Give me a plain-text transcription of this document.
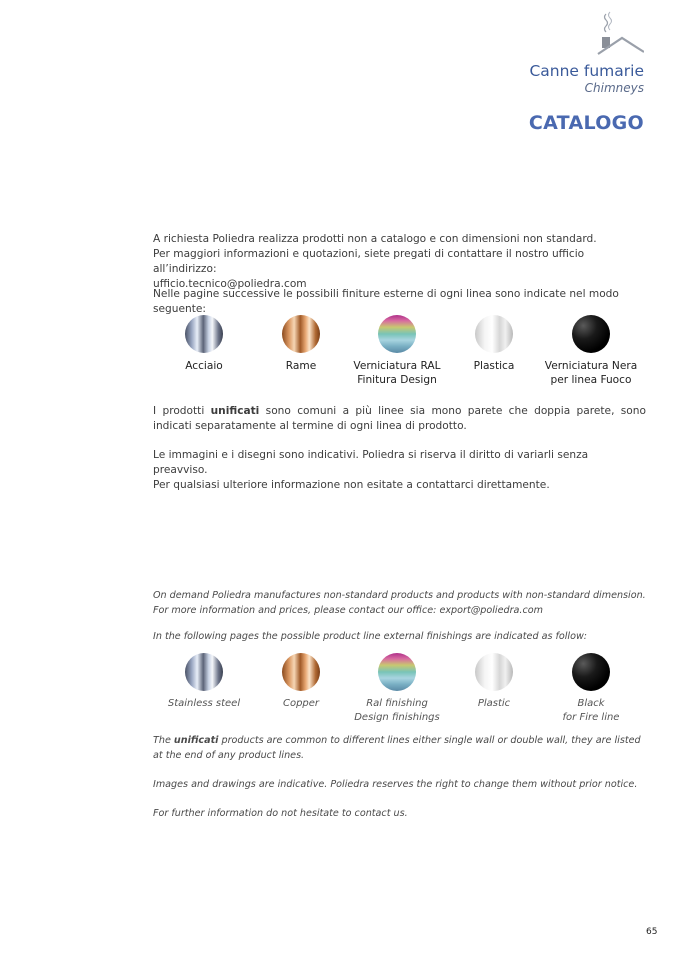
Canne fumarie
Chimneys
CATALOGO

A richiesta Poliedra realizza prodotti non a catalogo e con dimensioni non standard.

Per maggiori informazioni e quotazioni, siete pregati di contattare il nostro ufficio all’indirizzo:

ufficio.tecnico@poliedra.com

Nelle pagine successive le possibili finiture esterne di ogni linea sono indicate nel modo seguente:
Acciaio	Rame	Verniciatura RAL
Finitura Design
Plastica	Verniciatura Nera
per linea Fuoco
I prodotti unificati sono comuni a più linee sia mono parete che doppia parete, sono indicati separatamente al termine di ogni linea di prodotto.
Le immagini e i disegni sono indicativi. Poliedra si riserva il diritto di variarli senza preavviso.
Per qualsiasi ulteriore informazione non esitate a contattarci direttamente.

On demand Poliedra manufactures non-standard products and products with non-standard dimension.

For more information and prices, please contact our office: export@poliedra.com

In the following pages the possible product line external finishings are indicated as follow:
Stainless steel	Copper	Ral finishing
Design finishings
Plastic	Black
for Fire line
The unificati products are common to different lines either single wall or double wall, they are listed at the end of any product lines.
Images and drawings are indicative. Poliedra reserves the right to change them without prior notice.
For further information do not hesitate to contact us.
65
